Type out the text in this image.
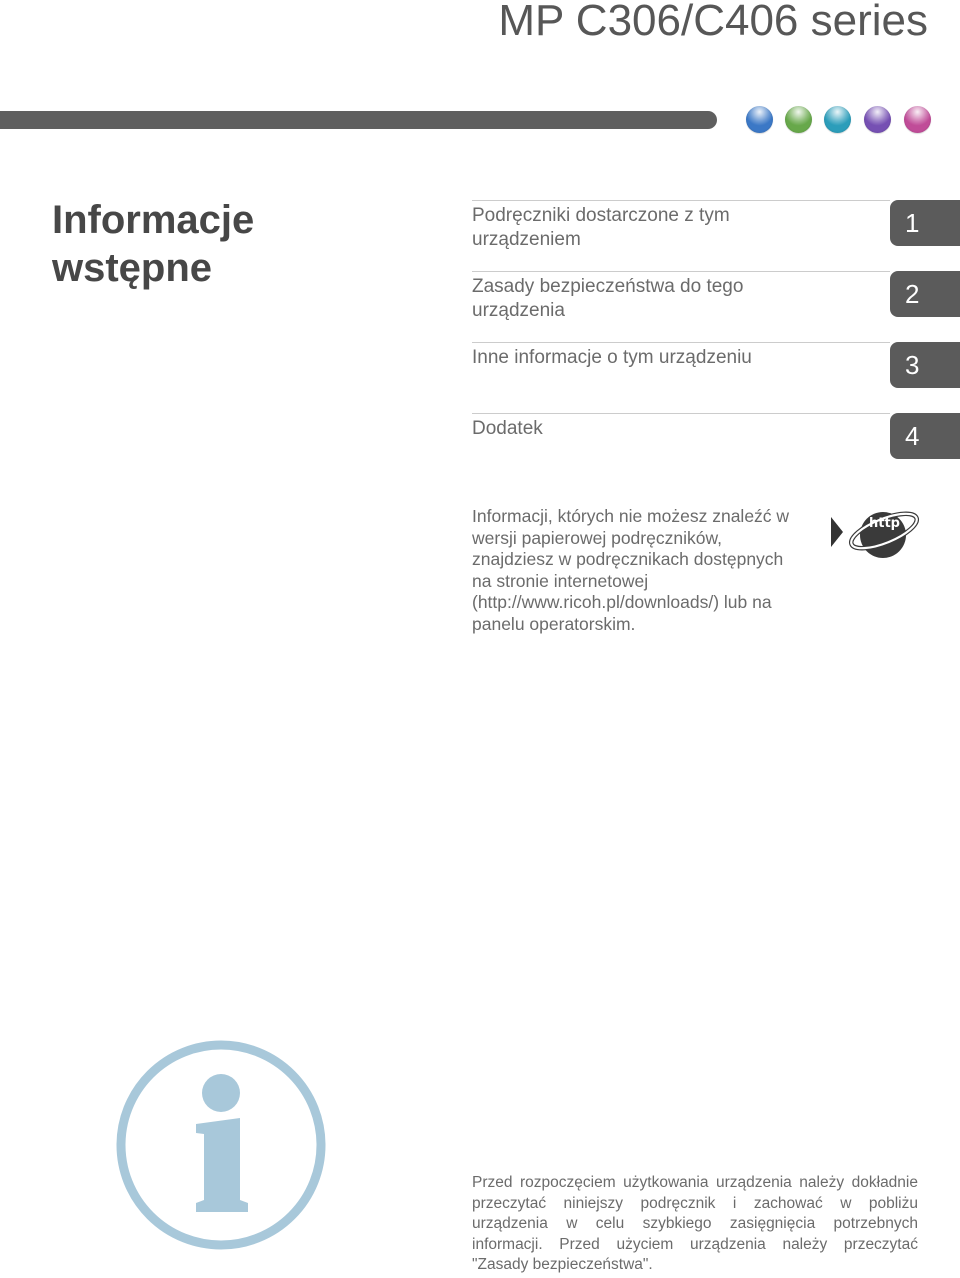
MP C306/C406 series
Informacje
wstępne
Podręczniki dostarczone z tym
urządzeniem
1
Zasady bezpieczeństwa do tego
urządzenia
2
Inne informacje o tym urządzeniu	3
Dodatek	4
Informacji, których nie możesz znaleźć w
wersji papierowej podręczników,
znajdziesz w podręcznikach dostępnych
na stronie internetowej
(http://www.ricoh.pl/downloads/) lub na
panelu operatorskim.
http
Przed rozpoczęciem użytkowania urządzenia należy dokładnie
przeczytać niniejszy podręcznik i zachować w pobliżu
urządzenia w celu szybkiego zasięgnięcia potrzebnych
informacji. Przed użyciem urządzenia należy przeczytać
"Zasady bezpieczeństwa".
